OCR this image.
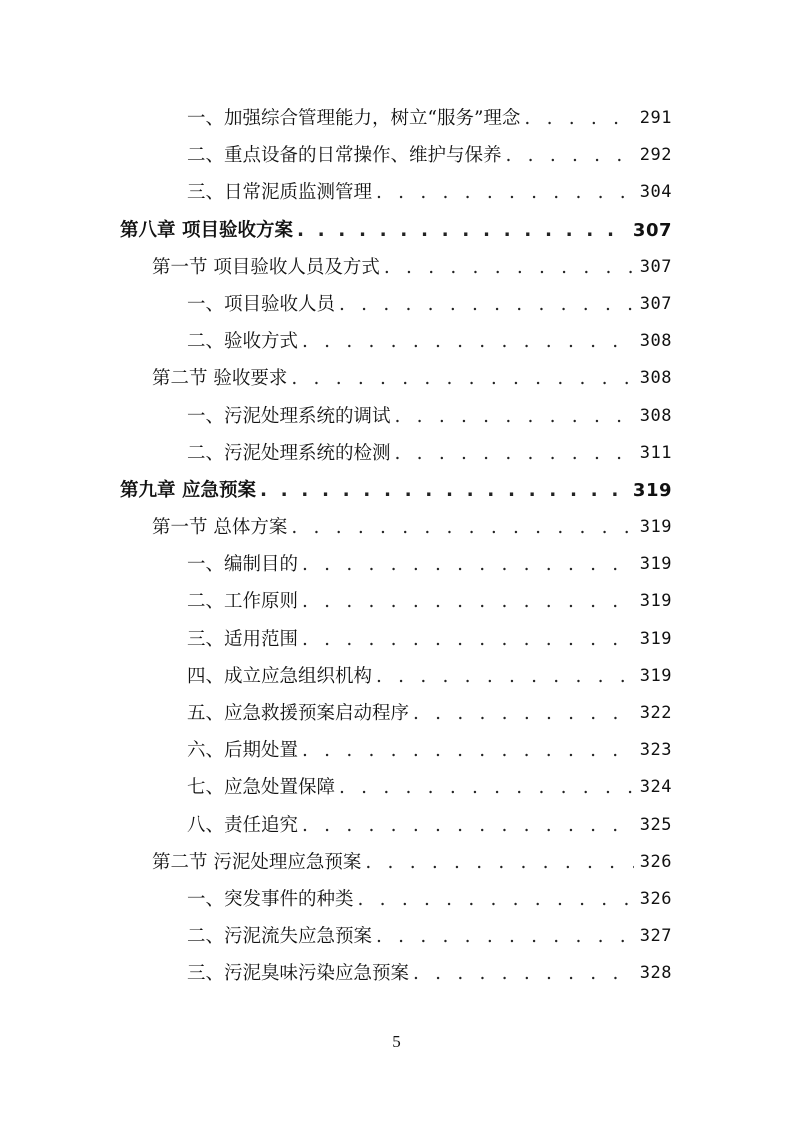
一、加强综合管理能力，树立“服务”理念 . . .	291
二、重点设备的日常操作、维护与保养 . . .	292
三、日常泥质监测管理 . . .	304
第八章 项目验收方案 . . .	307
第一节 项目验收人员及方式 . . .	307
一、项目验收人员 . . .	307
二、验收方式 . . .	308
第二节 验收要求 . . .	308
一、污泥处理系统的调试 . . .	308
二、污泥处理系统的检测 . . .	311
第九章 应急预案 . . .	319
第一节 总体方案 . . .	319
一、编制目的 . . .	319
二、工作原则 . . .	319
三、适用范围 . . .	319
四、成立应急组织机构 . . .	319
五、应急救援预案启动程序 . . .	322
六、后期处置 . . .	323
七、应急处置保障 . . .	324
八、责任追究 . . .	325
第二节 污泥处理应急预案 . . .	326
一、突发事件的种类 . . .	326
二、污泥流失应急预案 . . .	327
三、污泥臭味污染应急预案 . . .	328
5
